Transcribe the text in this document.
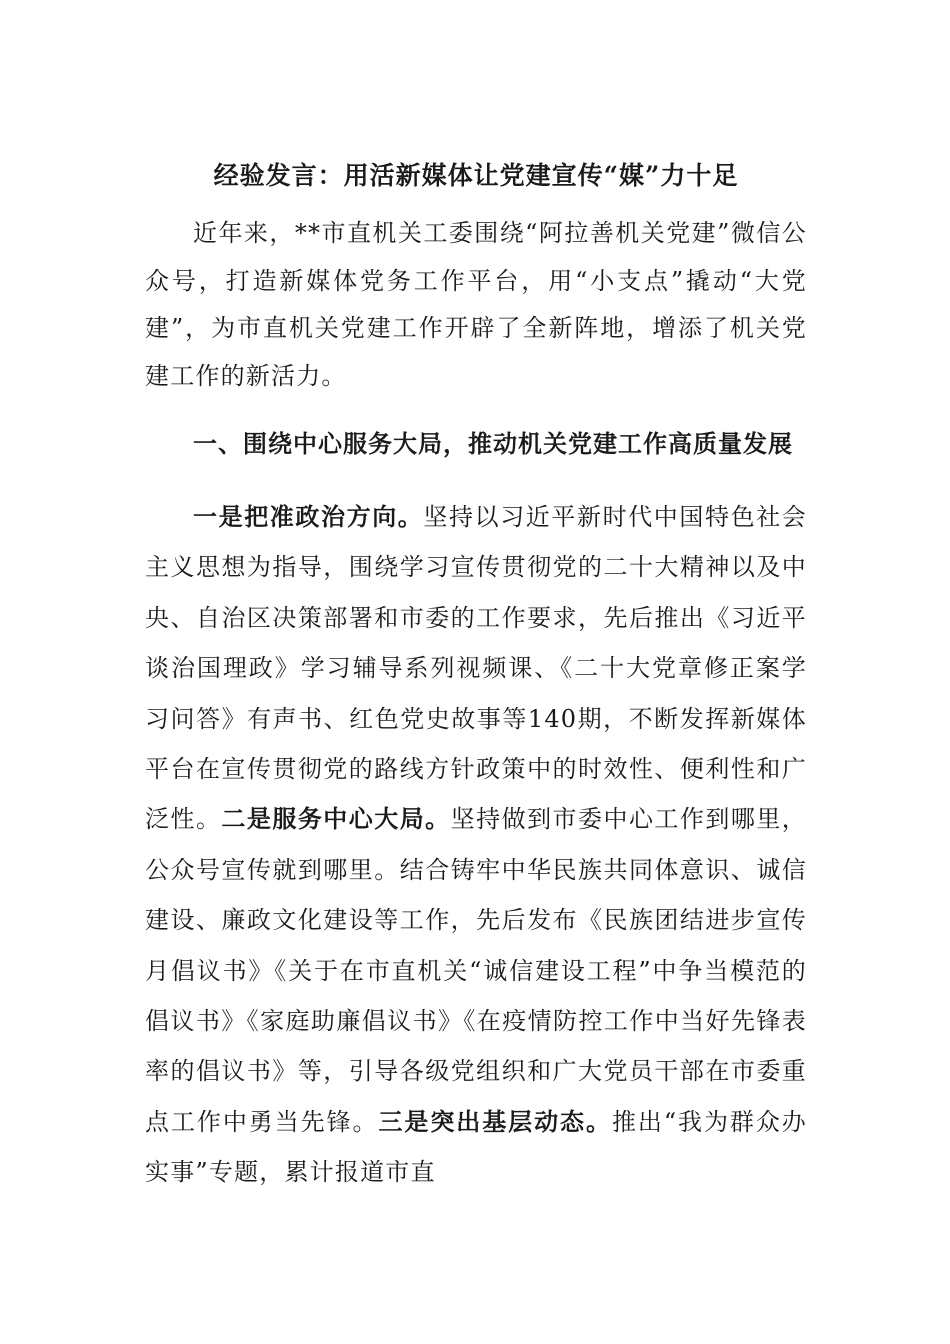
经验发言：用活新媒体让党建宣传“媒”力十足

近年来，**市直机关工委围绕“阿拉善机关党建”微信公众号，打造新媒体党务工作平台，用“小支点”撬动“大党建”，为市直机关党建工作开辟了全新阵地，增添了机关党建工作的新活力。

一、围绕中心服务大局，推动机关党建工作高质量发展

一是把准政治方向。坚持以习近平新时代中国特色社会主义思想为指导，围绕学习宣传贯彻党的二十大精神以及中央、自治区决策部署和市委的工作要求，先后推出《习近平谈治国理政》学习辅导系列视频课、《二十大党章修正案学习问答》有声书、红色党史故事等140期，不断发挥新媒体平台在宣传贯彻党的路线方针政策中的时效性、便利性和广泛性。二是服务中心大局。坚持做到市委中心工作到哪里，公众号宣传就到哪里。结合铸牢中华民族共同体意识、诚信建设、廉政文化建设等工作，先后发布《民族团结进步宣传月倡议书》《关于在市直机关“诚信建设工程”中争当模范的倡议书》《家庭助廉倡议书》《在疫情防控工作中当好先锋表率的倡议书》等，引导各级党组织和广大党员干部在市委重点工作中勇当先锋。三是突出基层动态。推出“我为群众办实事”专题，累计报道市直
